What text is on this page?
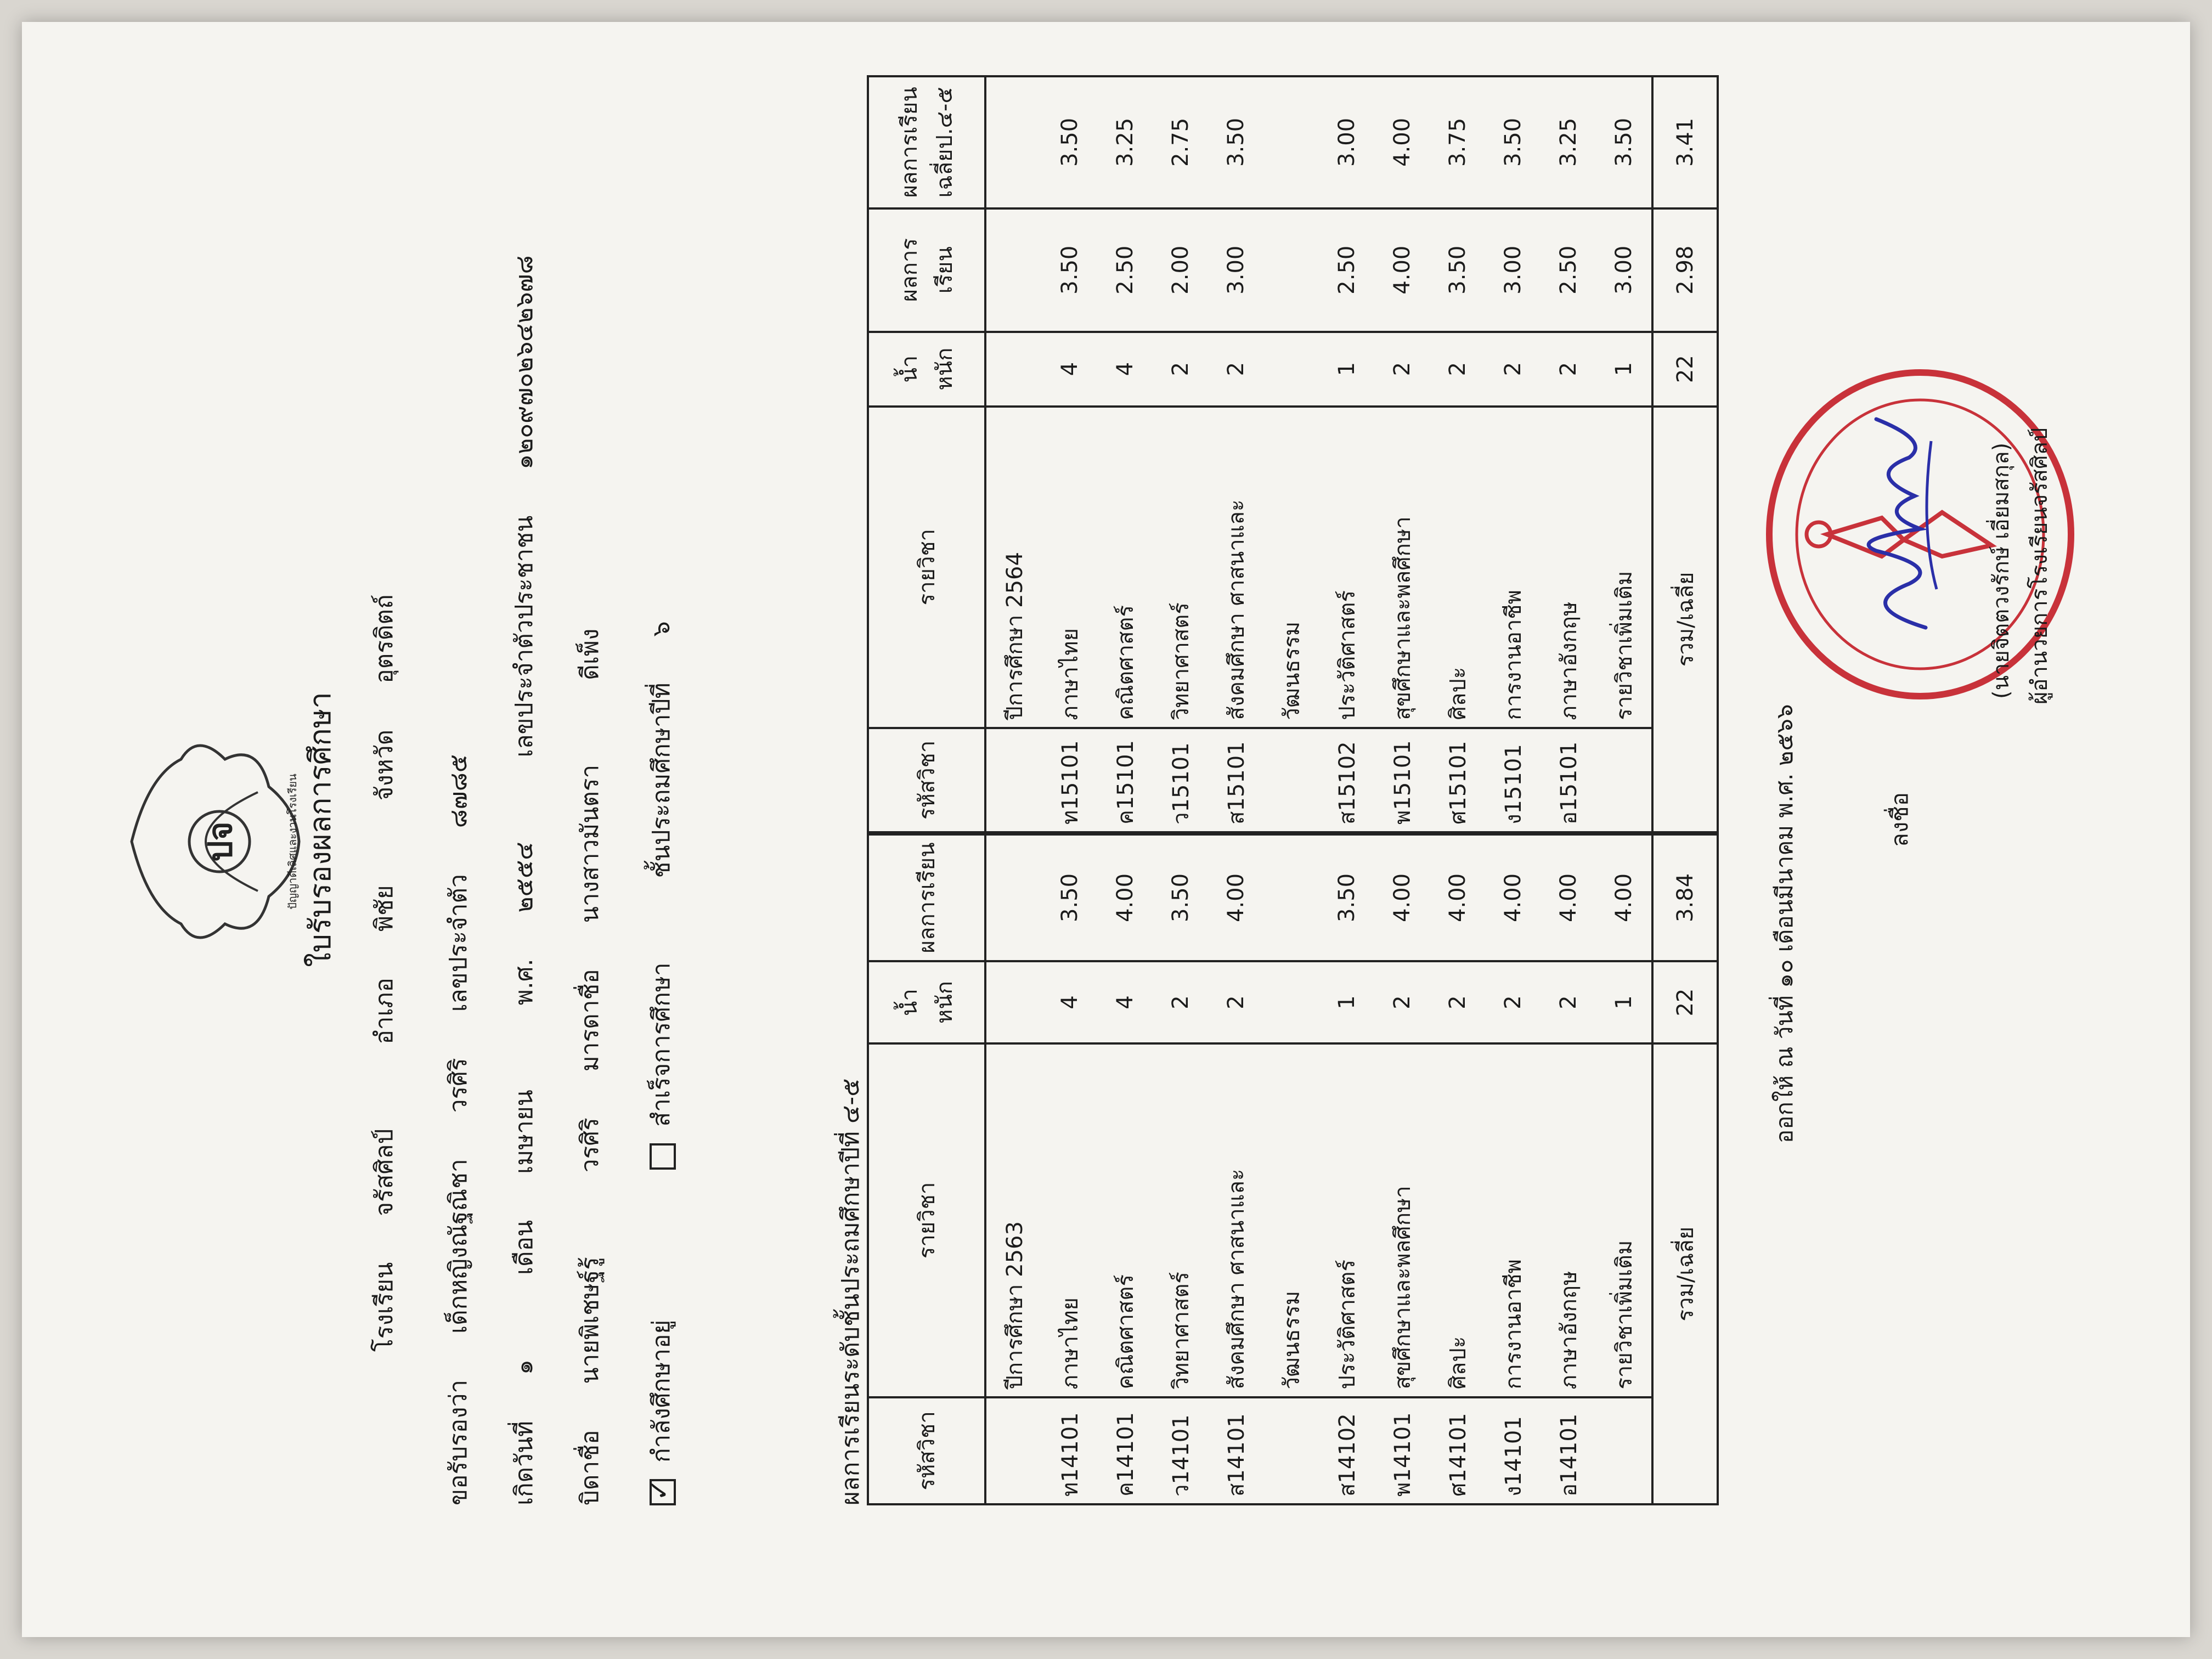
ปจ	ปัญญาดีเลิศและงานโรงเรียน ใบรับรองผลการศึกษา
โรงเรียน จรัสศิลป์ อำเภอ พิชัย จังหวัด อุตรดิตถ์
ขอรับรองว่า เด็กหญิงณัฐณิชา วรศิริ เลขประจำตัว ๘๗๘๕
เกิดวันที่ ๑ เดือน เมษายน พ.ศ. ๒๕๕๔ เลขประจำตัวประชาชน ๑๒๐๙๗๐๒๖๔๒๖๗๘
บิดาชื่อ นายพิเชษฐ์รู้ วรศิริ มารดาชื่อ นางสาวมันตรา ดีเพ็ง
✓กำลังศึกษาอยู่ สำเร็จการศึกษา ชั้นประถมศึกษาปีที่ ๖
ผลการเรียนระดับชั้นประถมศึกษาปีที่ ๔-๕ รหัสวิชา	รายวิชา	น้ำหนัก	ผลการเรียน
	ปีการศึกษา 2563		
ท14101	ภาษาไทย	4	3.50
ค14101	คณิตศาสตร์	4	4.00
ว14101	วิทยาศาสตร์	2	3.50
ส14101	สังคมศึกษา ศาสนาและ	2	4.00
	วัฒนธรรม		
ส14102	ประวัติศาสตร์	1	3.50
พ14101	สุขศึกษาและพลศึกษา	2	4.00
ศ14101	ศิลปะ	2	4.00
ง14101	การงานอาชีพ	2	4.00
อ14101	ภาษาอังกฤษ	2	4.00
	รายวิชาเพิ่มเติม	1	4.00
รวม/เฉลี่ย		22	3.84
รหัสวิชา	รายวิชา	น้ำหนัก	ผลการเรียน	ผลการเรียน เฉลี่ยป.๔-๕

	ปีการศึกษา 2564			
ท15101	ภาษาไทย	4	3.50	3.50
ค15101	คณิตศาสตร์	4	2.50	3.25
ว15101	วิทยาศาสตร์	2	2.00	2.75
ส15101	สังคมศึกษา ศาสนาและ	2	3.00	3.50
	วัฒนธรรม			
ส15102	ประวัติศาสตร์	1	2.50	3.00
พ15101	สุขศึกษาและพลศึกษา	2	4.00	4.00
ศ15101	ศิลปะ	2	3.50	3.75
ง15101	การงานอาชีพ	2	3.00	3.50
อ15101	ภาษาอังกฤษ	2	2.50	3.25
	รายวิชาเพิ่มเติม	1	3.00	3.50
รวม/เฉลี่ย		22	2.98	3.41
ออกให้ ณ วันที่ ๑๐ เดือนมีนาคม พ.ศ. ๒๕๖๖	ลงชื่อ
(นายจิตตวงรักษ์ เอี่ยมสกุล) ผู้อำนวยการโรงเรียนจรัสศิลป์
